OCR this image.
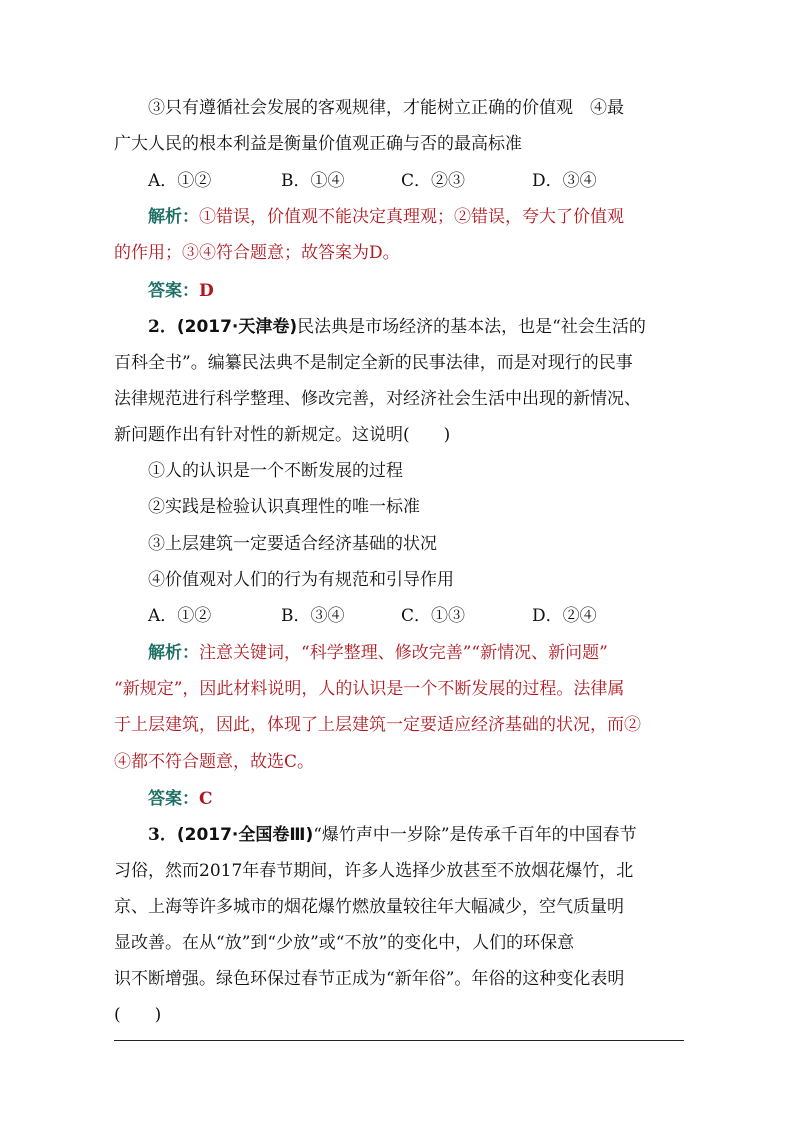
③只有遵循社会发展的客观规律，才能树立正确的价值观　④最
广大人民的根本利益是衡量价值观正确与否的最高标准
A．①②	B．①④	C．②③	D．③④
解析：①错误，价值观不能决定真理观；②错误，夸大了价值观
的作用；③④符合题意；故答案为D。
答案：D
2．(2017·天津卷)民法典是市场经济的基本法，也是“社会生活的
百科全书”。编纂民法典不是制定全新的民事法律，而是对现行的民事
法律规范进行科学整理、修改完善，对经济社会生活中出现的新情况、
新问题作出有针对性的新规定。这说明(　　)
①人的认识是一个不断发展的过程
②实践是检验认识真理性的唯一标准
③上层建筑一定要适合经济基础的状况
④价值观对人们的行为有规范和引导作用
A．①②	B．③④	C．①③	D．②④
解析：注意关键词，“科学整理、修改完善”“新情况、新问题”
“新规定”，因此材料说明，人的认识是一个不断发展的过程。法律属
于上层建筑，因此，体现了上层建筑一定要适应经济基础的状况，而②
④都不符合题意，故选C。
答案：C
3．(2017·全国卷Ⅲ)“爆竹声中一岁除”是传承千百年的中国春节
习俗，然而2017年春节期间，许多人选择少放甚至不放烟花爆竹，北
京、上海等许多城市的烟花爆竹燃放量较往年大幅减少，空气质量明
显改善。在从“放”到“少放”或“不放”的变化中，人们的环保意
识不断增强。绿色环保过春节正成为“新年俗”。年俗的这种变化表明
(　　)
